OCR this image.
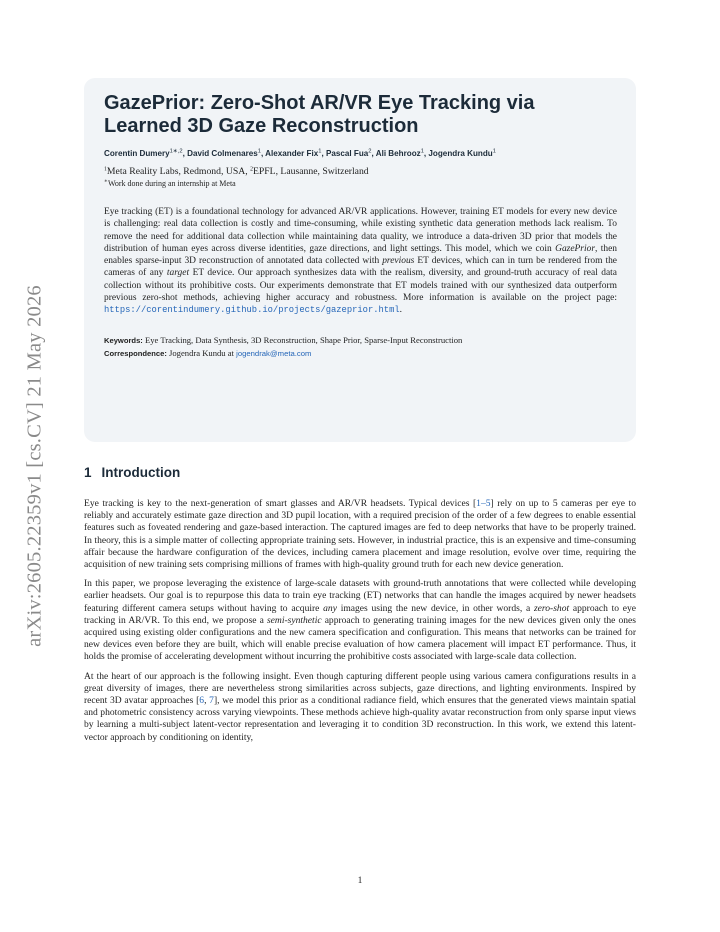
arXiv:2605.22359v1 [cs.CV] 21 May 2026
GazePrior: Zero-Shot AR/VR Eye Tracking via Learned 3D Gaze Reconstruction

Corentin Dumery$^{1∗,2}$, David Colmenares$^1$, Alexander Fix$^1$, Pascal Fua$^2$, Ali Behrooz$^1$, Jogendra Kundu$^1$

$^1$Meta Reality Labs, Redmond, USA, $^2$EPFL, Lausanne, Switzerland

∗Work done during an internship at Meta

Eye tracking (ET) is a foundational technology for advanced AR/VR applications. However, training ET models for every new device is challenging: real data collection is costly and time-consuming, while existing synthetic data generation methods lack realism. To remove the need for additional data collection while maintaining data quality, we introduce a data-driven 3D prior that models the distribution of human eyes across diverse identities, gaze directions, and light settings. This model, which we coin GazePrior, then enables sparse-input 3D reconstruction of annotated data collected with previous ET devices, which can in turn be rendered from the cameras of any target ET device. Our approach synthesizes data with the realism, diversity, and ground-truth accuracy of real data collection without its prohibitive costs. Our experiments demonstrate that ET models trained with our synthesized data outperform previous zero-shot methods, achieving higher accuracy and robustness. More information is available on the project page: https://corentindumery.github.io/projects/gazeprior.html.

Keywords: Eye Tracking, Data Synthesis, 3D Reconstruction, Shape Prior, Sparse-Input Reconstruction
Correspondence: Jogendra Kundu at jogendrak@meta.com

1 Introduction

Eye tracking is key to the next-generation of smart glasses and AR/VR headsets. Typical devices [1–5] rely on up to 5 cameras per eye to reliably and accurately estimate gaze direction and 3D pupil location, with a required precision of the order of a few degrees to enable essential features such as foveated rendering and gaze-based interaction. The captured images are fed to deep networks that have to be properly trained. In theory, this is a simple matter of collecting appropriate training sets. However, in industrial practice, this is an expensive and time-consuming affair because the hardware configuration of the devices, including camera placement and image resolution, evolve over time, requiring the acquisition of new training sets comprising millions of frames with high-quality ground truth for each new device generation.

In this paper, we propose leveraging the existence of large-scale datasets with ground-truth annotations that were collected while developing earlier headsets. Our goal is to repurpose this data to train eye tracking (ET) networks that can handle the images acquired by newer headsets featuring different camera setups without having to acquire any images using the new device, in other words, a zero-shot approach to eye tracking in AR/VR. To this end, we propose a semi-synthetic approach to generating training images for the new devices given only the ones acquired using existing older configurations and the new camera specification and configuration. This means that networks can be trained for new devices even before they are built, which will enable precise evaluation of how camera placement will impact ET performance. Thus, it holds the promise of accelerating development without incurring the prohibitive costs associated with large-scale data collection.

At the heart of our approach is the following insight. Even though capturing different people using various camera configurations results in a great diversity of images, there are nevertheless strong similarities across subjects, gaze directions, and lighting environments. Inspired by recent 3D avatar approaches [6, 7], we model this prior as a conditional radiance field, which ensures that the generated views maintain spatial and photometric consistency across varying viewpoints. These methods achieve high-quality avatar reconstruction from only sparse input views by learning a multi-subject latent-vector representation and leveraging it to condition 3D reconstruction. In this work, we extend this latent-vector approach by conditioning on identity,

1
